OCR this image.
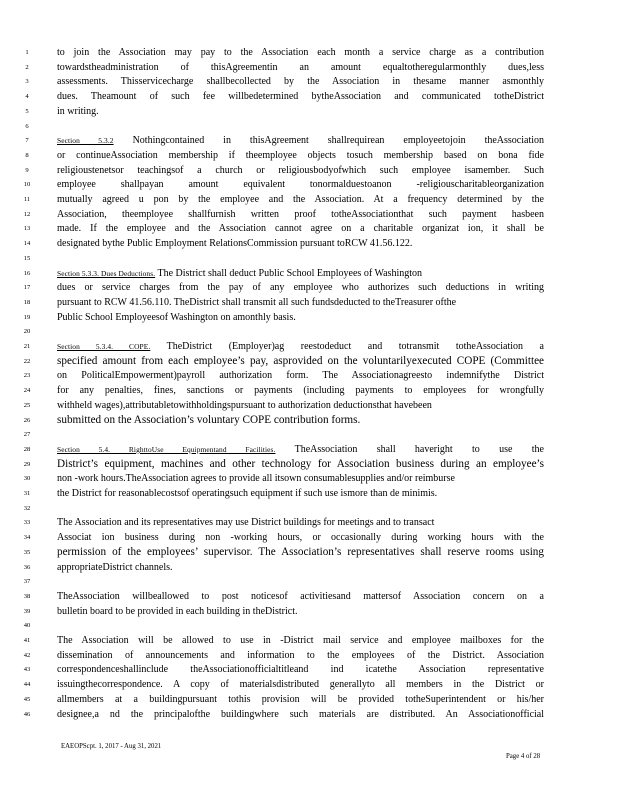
1	to join the Association may pay to the Association each month a service charge as a contribution
2	towardstheadministration of thisAgreementin an amount equaltotheregularmonthly dues,less
3	assessments. Thisservicecharge shallbecollected by the Association in thesame manner asmonthly
4	dues. Theamount of such fee willbedetermined bytheAssociation and communicated totheDistrict
5	in writing.
6
7	Section 5.3.2 Nothingcontained in thisAgreement shallrequirean employeetojoin theAssociation
8	or continueAssociation membership if theemployee objects tosuch membership based on bona fide
9	religioustenetsor teachingsof a church or religiousbodyofwhich such employee isamember. Such
10	employee shallpayan amount equivalent tonormalduestoanon -religiouscharitableorganization
11	mutually agreed u pon by the employee and the Association. At a frequency determined by the
12	Association, theemployee shallfurnish written proof totheAssociationthat such payment hasbeen
13	made. If the employee and the Association cannot agree on a charitable organizat ion, it shall be
14	designated bythe Public Employment RelationsCommission pursuant toRCW 41.56.122.
15
16	Section 5.3.3. Dues Deductions. The District shall deduct Public School Employees of Washington
17	dues or service charges from the pay of any employee who authorizes such deductions in writing
18	pursuant to RCW 41.56.110. TheDistrict shall transmit all such fundsdeducted to theTreasurer ofthe
19	Public School Employeesof Washington on amonthly basis.
20
21	Section 5.3.4. COPE. TheDistrict (Employer)ag reestodeduct and totransmit totheAssociation a
22	specified amount from each employee’s pay, asprovided on the voluntarilyexecuted COPE (Committee
23	on PoliticalEmpowerment)payroll authorization form. The Associationagreesto indemnifythe District
24	for any penalties, fines, sanctions or payments (including payments to employees for wrongfully
25	withheld wages),attributabletowithholdingspursuant to authorization deductionsthat havebeen
26	submitted on the Association’s voluntary COPE contribution forms.
27
28	Section 5.4. RighttoUse Equipmentand Facilities. TheAssociation shall haveright to use the
29	District’s equipment, machines and other technology for Association business during an employee’s
30	non -work hours.TheAssociation agrees to provide all itsown consumablesupplies and/or reimburse
31	the District for reasonablecostsof operatingsuch equipment if such use ismore than de minimis.
32
33	The Association and its representatives may use District buildings for meetings and to transact
34	Associat ion business during non -working hours, or occasionally during working hours with the
35	permission of the employees’ supervisor. The Association’s representatives shall reserve rooms using
36	appropriateDistrict channels.
37
38	TheAssociation willbeallowed to post noticesof activitiesand mattersof Association concern on a
39	bulletin board to be provided in each building in theDistrict.
40
41	The Association will be allowed to use in -District mail service and employee mailboxes for the
42	dissemination of announcements and information to the employees of the District. Association
43	correspondenceshallinclude theAssociationofficialtitleand ind icatethe Association representative
44	issuingthecorrespondence. A copy of materialsdistributed generallyto all members in the District or
45	allmembers at a buildingpursuant tothis provision will be provided totheSuperintendent or his/her
46	designee,a nd the principalofthe buildingwhere such materials are distributed. An Associationofficial
EAEOPScpt. 1, 2017 - Aug 31, 2021
Page 4 of 28
